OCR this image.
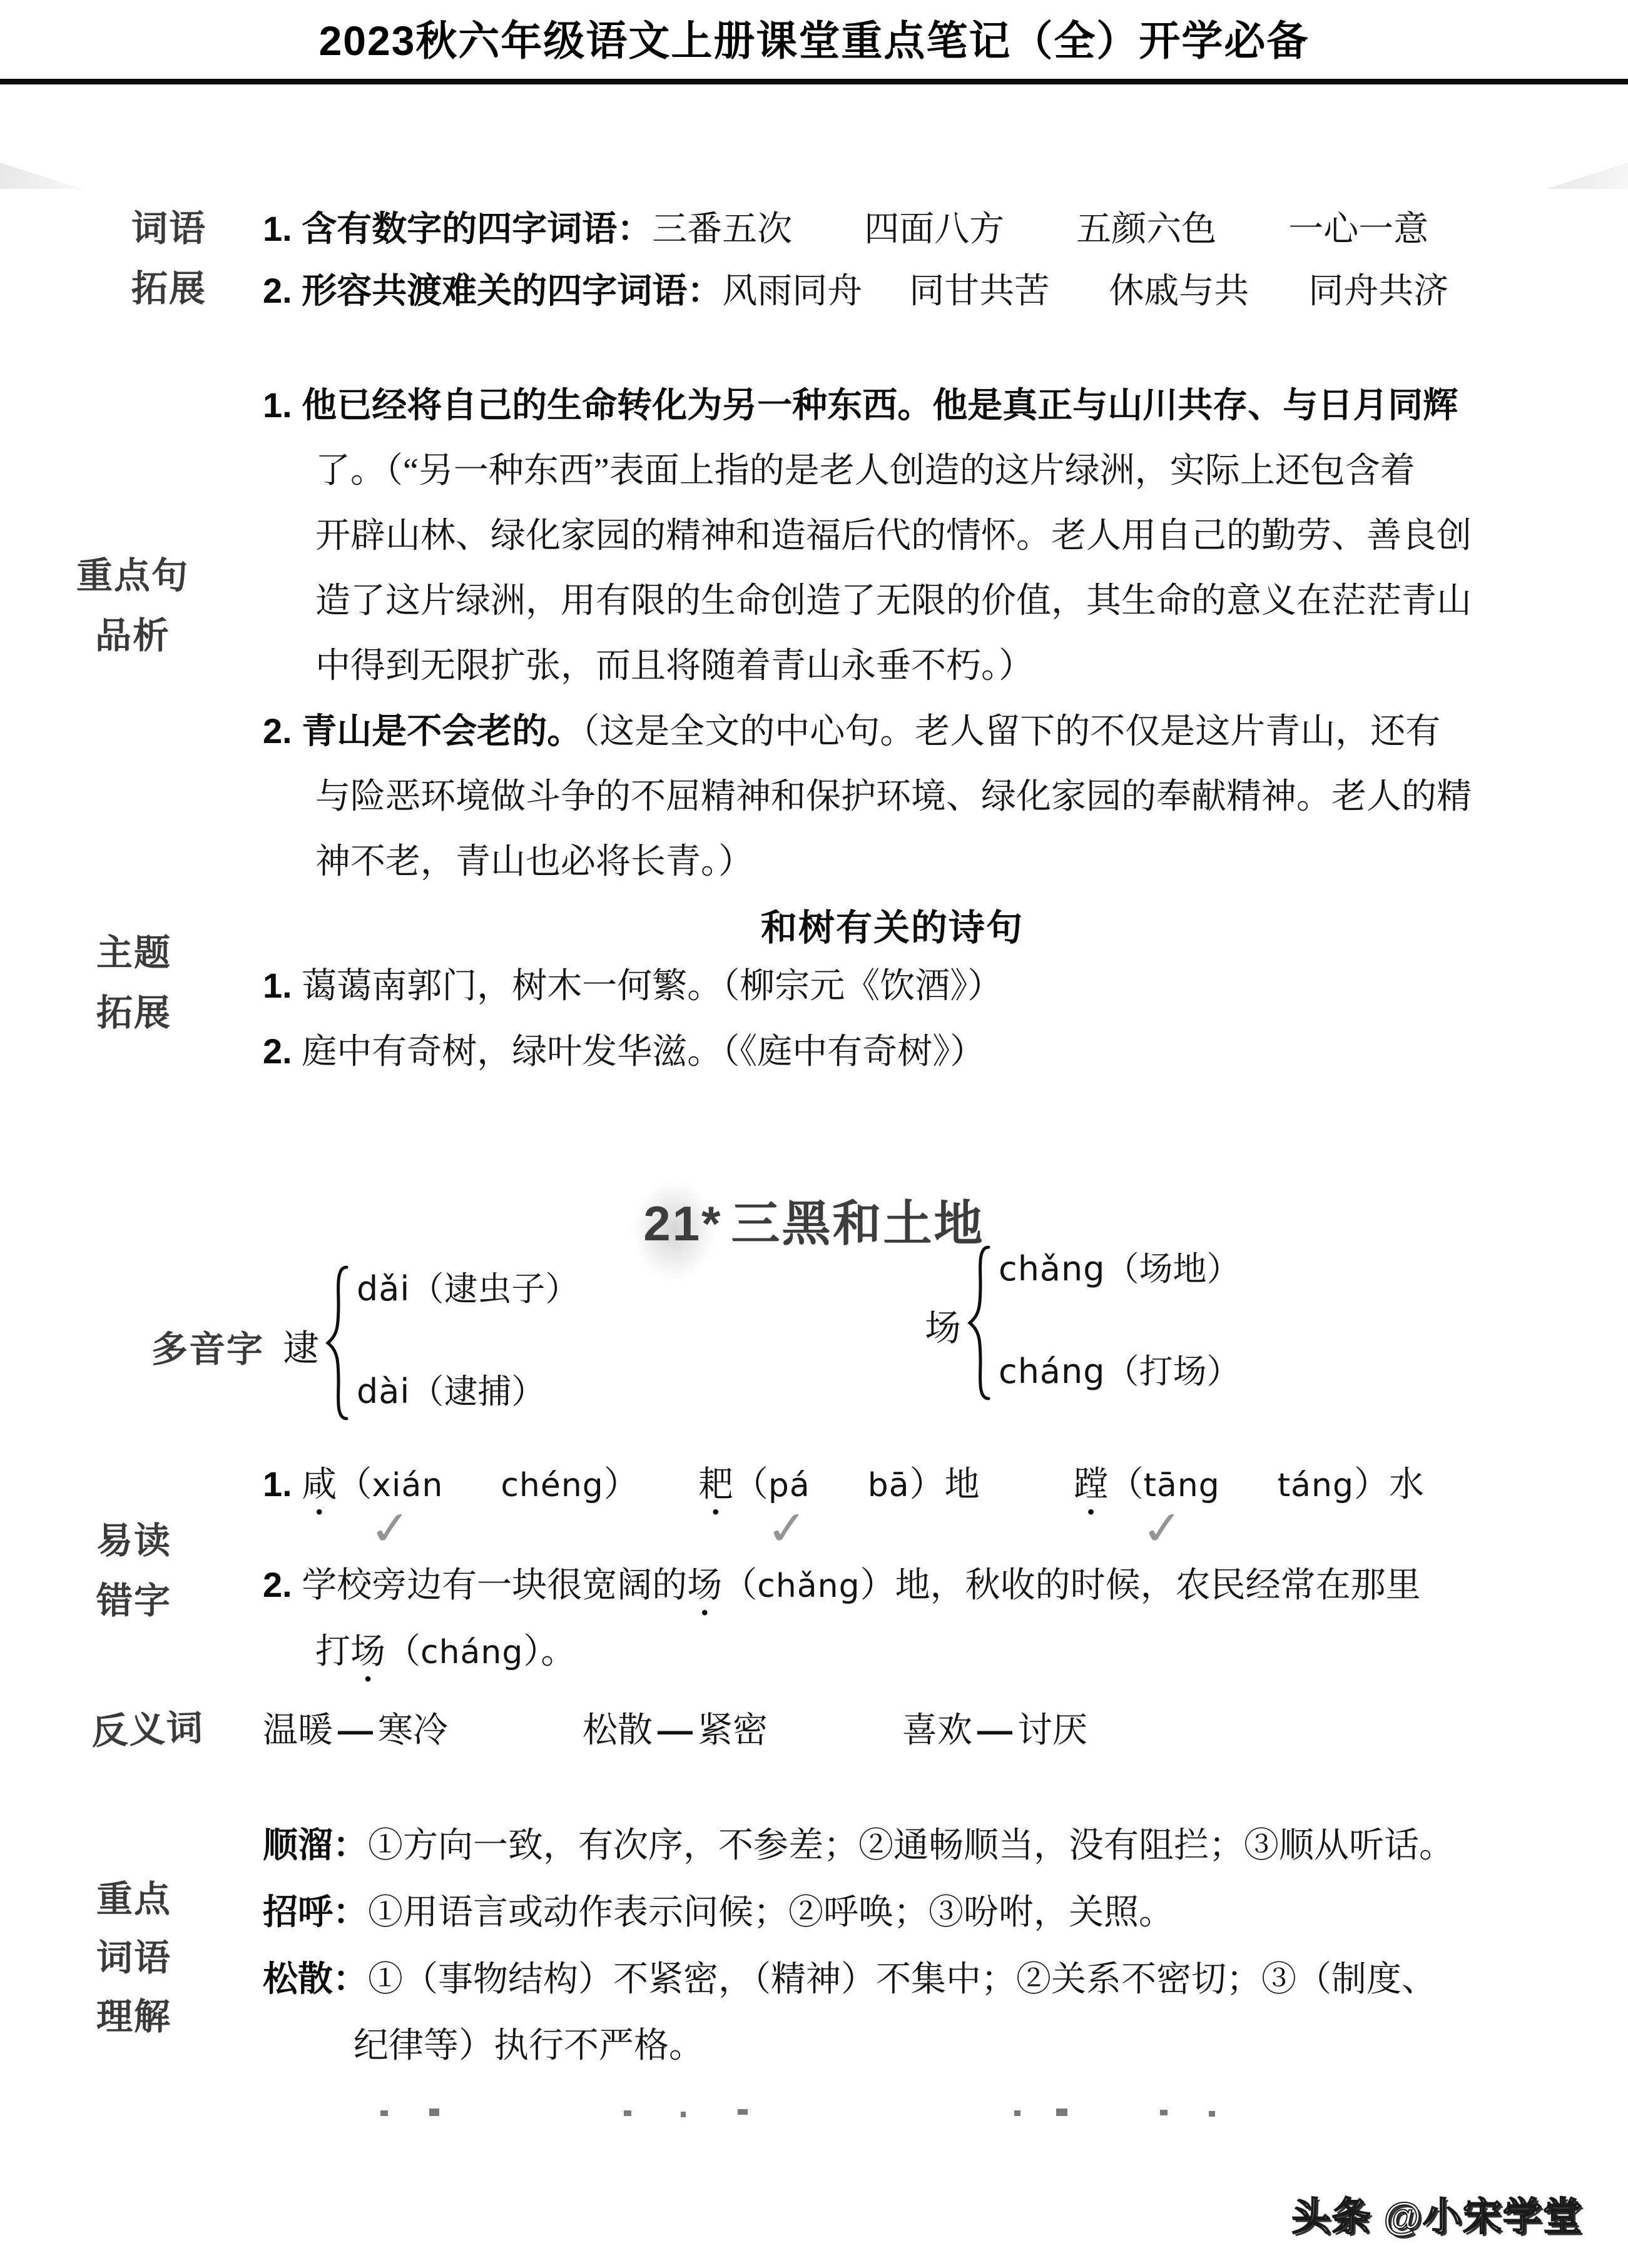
2023秋六年级语文上册课堂重点笔记（全）开学必备
词语
拓展
1. 含有数字的四字词语：三番五次 四面八方 五颜六色 一心一意
2. 形容共渡难关的四字词语：风雨同舟 同甘共苦 休戚与共 同舟共济
重点句
品析
1. 他已经将自己的生命转化为另一种东西。他是真正与山川共存、与日月同辉
了。（“另一种东西”表面上指的是老人创造的这片绿洲，实际上还包含着
开辟山林、绿化家园的精神和造福后代的情怀。老人用自己的勤劳、善良创
造了这片绿洲，用有限的生命创造了无限的价值，其生命的意义在茫茫青山
中得到无限扩张，而且将随着青山永垂不朽。）
2. 青山是不会老的。（这是全文的中心句。老人留下的不仅是这片青山，还有
与险恶环境做斗争的不屈精神和保护环境、绿化家园的奉献精神。老人的精
神不老，青山也必将长青。）
主题
拓展
和树有关的诗句
1. 蔼蔼南郭门，树木一何繁。（柳宗元《饮酒》）
2. 庭中有奇树，绿叶发华滋。（《庭中有奇树》）
21* 三黑和土地
多音字 逮
dǎi（逮虫子）
dài（逮捕）
场
chǎng（场地）
cháng（打场）
易读
错字
1. 咸
•
（xián
✓
chéng） 耙
•
（pá
✓
bā）地	蹚
•
（tāng
✓
táng）水
2. 学校旁边有一块很宽阔的场
•
（chǎng）地，秋收的时候，农民经常在那里
打场
•
（cháng）。
反义词	温暖 — 寒冷	松散 — 紧密	喜欢 — 讨厌
重点
词语
理解
顺溜：①方向一致，有次序，不参差；②通畅顺当，没有阻拦；③顺从听话。
招呼：①用语言或动作表示问候；②呼唤；③吩咐，关照。
松散：①（事物结构）不紧密，（精神）不集中；②关系不密切；③（制度、
纪律等）执行不严格。
头条 @小宋学堂
